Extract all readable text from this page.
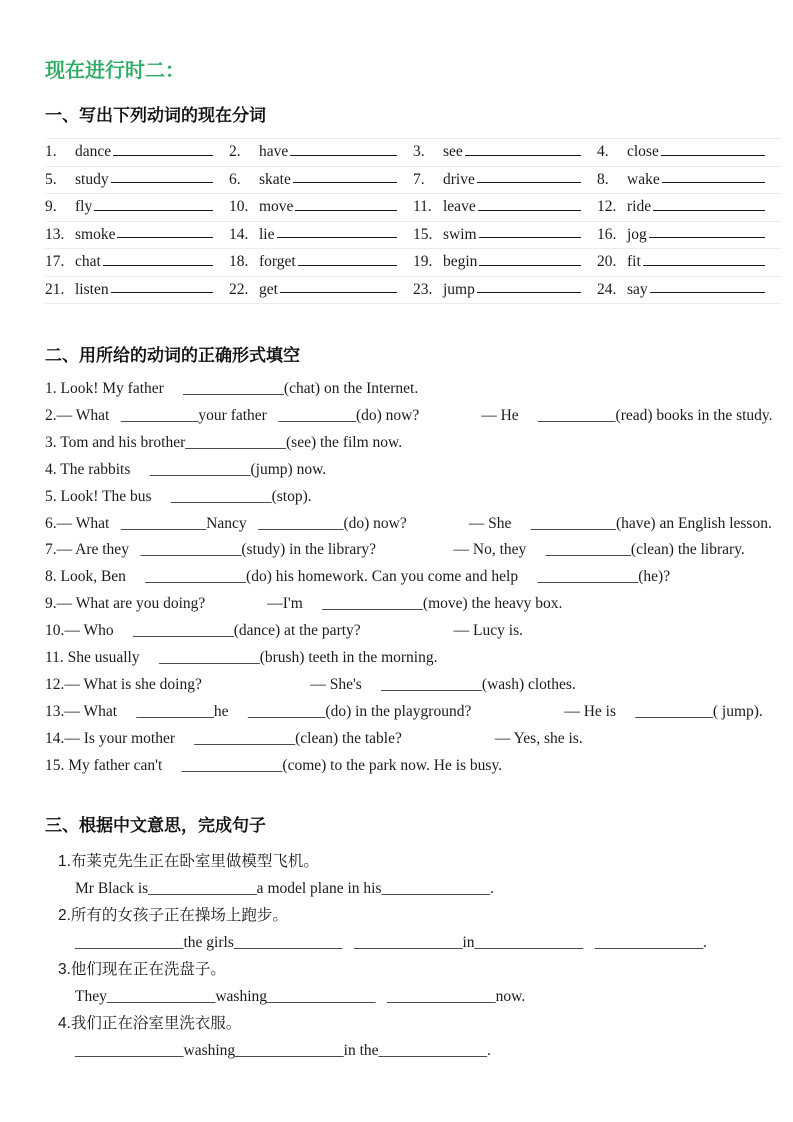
现在进行时二：
一、写出下列动词的现在分词
1.	dance	2.	have	3.	see	4.	close
5.	study	6.	skate	7.	drive	8.	wake
9.	fly	10. move	11. leave	12. ride
13. smoke	14. lie	15. swim	16. jog
17. chat	18. forget	19. begin	20. fit
21. listen	22. get	23. jump	24. say
二、用所给的动词的正确形式填空
1. Look! My father   _____________(chat) on the Internet.
2.— What  __________your father  __________(do) now?    — He   __________(read) books in the study.
3. Tom and his brother_____________(see) the film now.
4. The rabbits   _____________(jump) now.
5. Look! The bus   _____________(stop).
6.— What  ___________Nancy  ___________(do) now?    — She   ___________(have) an English lesson.
7.— Are they  _____________(study) in the library?     — No, they   ___________(clean) the library.
8. Look, Ben   _____________(do) his homework. Can you come and help   _____________(he)?
9.— What are you doing?    —I'm   _____________(move) the heavy box.
10.— Who   _____________(dance) at the party?      — Lucy is.
11. She usually   _____________(brush) teeth in the morning.
12.— What is she doing?       — She's   _____________(wash) clothes.
13.— What   __________he   __________(do) in the playground?      — He is   __________( jump).
14.— Is your mother   _____________(clean) the table?      — Yes, she is.
15. My father can't   _____________(come) to the park now. He is busy.
三、根据中文意思，完成句子
1.布莱克先生正在卧室里做模型飞机。
Mr Black is______________a model plane in his______________.
2.所有的女孩子正在操场上跑步。
______________the girls______________  ______________in______________  ______________.
3.他们现在正在洗盘子。
They______________washing______________  ______________now.
4.我们正在浴室里洗衣服。
______________washing______________in the______________.
